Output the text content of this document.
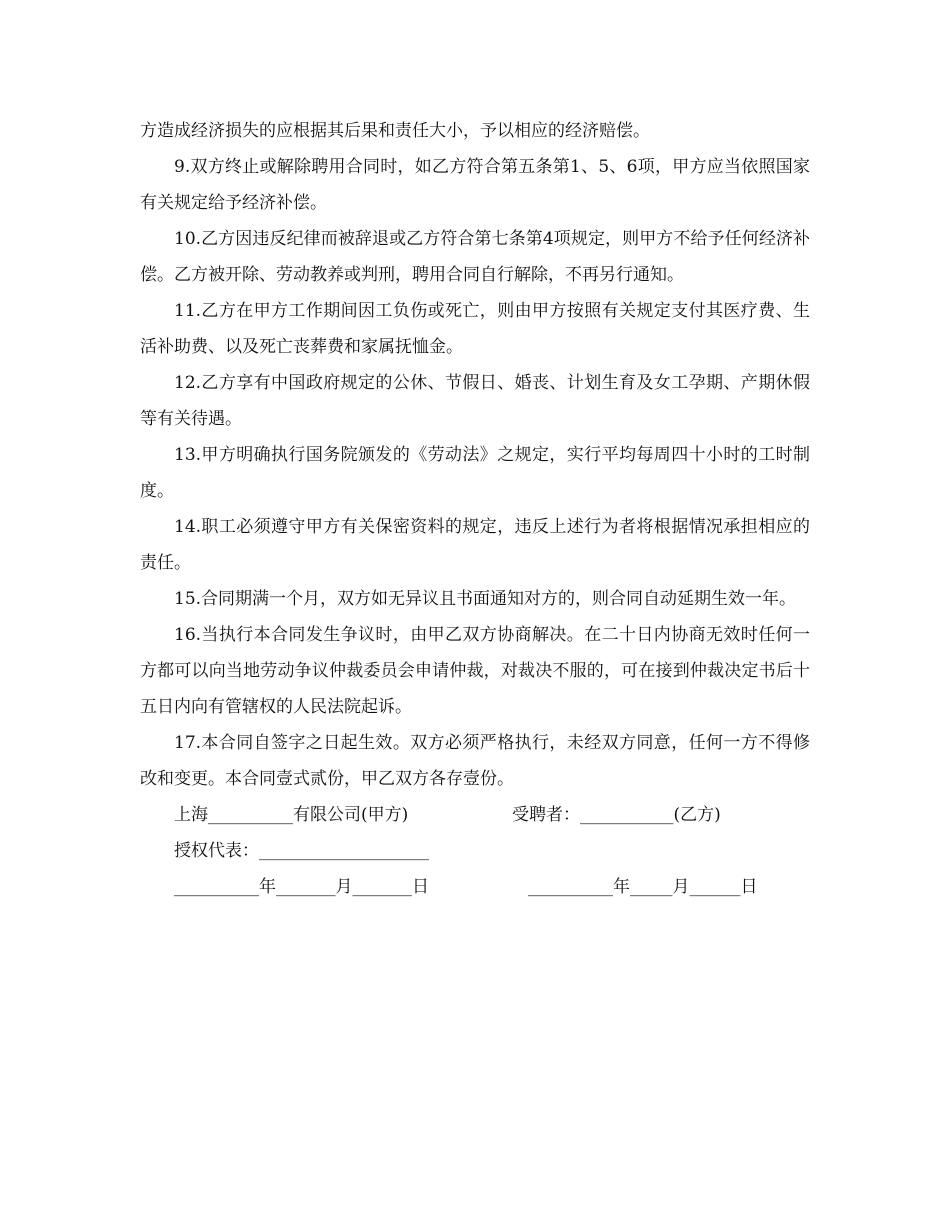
方造成经济损失的应根据其后果和责任大小，予以相应的经济赔偿。

9.双方终止或解除聘用合同时，如乙方符合第五条第1、5、6项，甲方应当依照国家有关规定给予经济补偿。

10.乙方因违反纪律而被辞退或乙方符合第七条第4项规定，则甲方不给予任何经济补偿。乙方被开除、劳动教养或判刑，聘用合同自行解除，不再另行通知。

11.乙方在甲方工作期间因工负伤或死亡，则由甲方按照有关规定支付其医疗费、生活补助费、以及死亡丧葬费和家属抚恤金。

12.乙方享有中国政府规定的公休、节假日、婚丧、计划生育及女工孕期、产期休假等有关待遇。

13.甲方明确执行国务院颁发的《劳动法》之规定，实行平均每周四十小时的工时制度。

14.职工必须遵守甲方有关保密资料的规定，违反上述行为者将根据情况承担相应的责任。

15.合同期满一个月，双方如无异议且书面通知对方的，则合同自动延期生效一年。

16.当执行本合同发生争议时，由甲乙双方协商解决。在二十日内协商无效时任何一方都可以向当地劳动争议仲裁委员会申请仲裁，对裁决不服的，可在接到仲裁决定书后十五日内向有管辖权的人民法院起诉。

17.本合同自签字之日起生效。双方必须严格执行，未经双方同意，任何一方不得修改和变更。本合同壹式贰份，甲乙双方各存壹份。

上海__________有限公司(甲方)

	受聘者：___________(乙方)

授权代表：____________________

__________年_______月_______日

	__________年_____月______日
